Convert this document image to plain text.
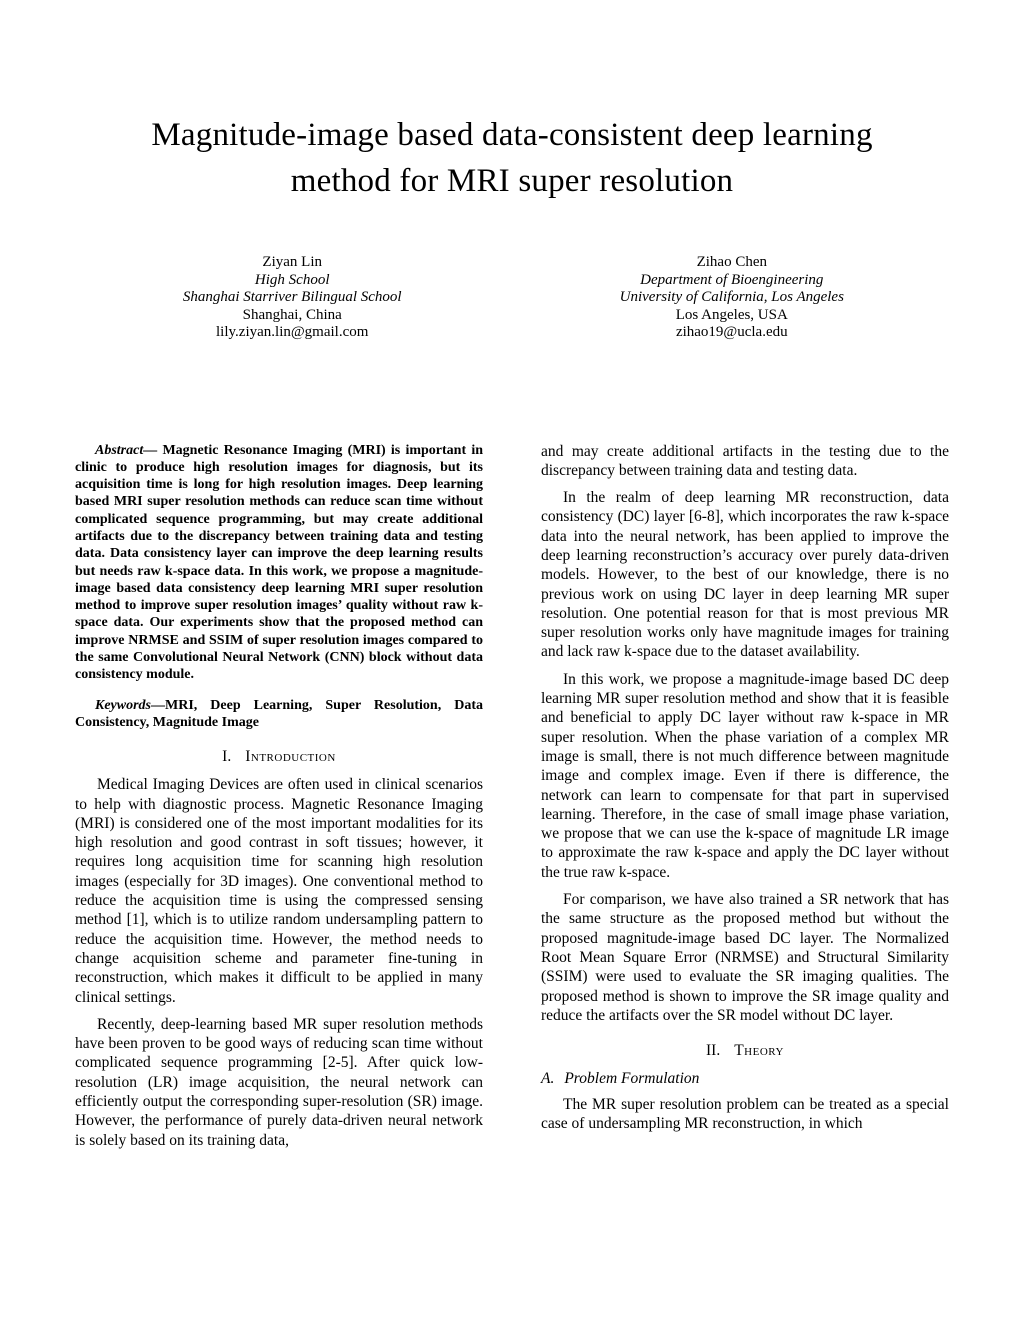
Magnitude-image based data-consistent deep learning method for MRI super resolution
Ziyan Lin
High School
Shanghai Starriver Bilingual School
Shanghai, China
lily.ziyan.lin@gmail.com
Zihao Chen
Department of Bioengineering
University of California, Los Angeles
Los Angeles, USA
zihao19@ucla.edu

Abstract— Magnetic Resonance Imaging (MRI) is important in clinic to produce high resolution images for diagnosis, but its acquisition time is long for high resolution images. Deep learning based MRI super resolution methods can reduce scan time without complicated sequence programming, but may create additional artifacts due to the discrepancy between training data and testing data. Data consistency layer can improve the deep learning results but needs raw k-space data. In this work, we propose a magnitude-image based data consistency deep learning MRI super resolution method to improve super resolution images’ quality without raw k-space data. Our experiments show that the proposed method can improve NRMSE and SSIM of super resolution images compared to the same Convolutional Neural Network (CNN) block without data consistency module.

Keywords—MRI, Deep Learning, Super Resolution, Data Consistency, Magnitude Image

I. Introduction

Medical Imaging Devices are often used in clinical scenarios to help with diagnostic process. Magnetic Resonance Imaging (MRI) is considered one of the most important modalities for its high resolution and good contrast in soft tissues; however, it requires long acquisition time for scanning high resolution images (especially for 3D images). One conventional method to reduce the acquisition time is using the compressed sensing method [1], which is to utilize random undersampling pattern to reduce the acquisition time. However, the method needs to change acquisition scheme and parameter fine-tuning in reconstruction, which makes it difficult to be applied in many clinical settings.

Recently, deep-learning based MR super resolution methods have been proven to be good ways of reducing scan time without complicated sequence programming [2-5]. After quick low-resolution (LR) image acquisition, the neural network can efficiently output the corresponding super-resolution (SR) image. However, the performance of purely data-driven neural network is solely based on its training data,

and may create additional artifacts in the testing due to the discrepancy between training data and testing data.

In the realm of deep learning MR reconstruction, data consistency (DC) layer [6-8], which incorporates the raw k-space data into the neural network, has been applied to improve the deep learning reconstruction’s accuracy over purely data-driven models. However, to the best of our knowledge, there is no previous work on using DC layer in deep learning MR super resolution. One potential reason for that is most previous MR super resolution works only have magnitude images for training and lack raw k-space due to the dataset availability.

In this work, we propose a magnitude-image based DC deep learning MR super resolution method and show that it is feasible and beneficial to apply DC layer without raw k-space in MR super resolution. When the phase variation of a complex MR image is small, there is not much difference between magnitude image and complex image. Even if there is difference, the network can learn to compensate for that part in supervised learning. Therefore, in the case of small image phase variation, we propose that we can use the k-space of magnitude LR image to approximate the raw k-space and apply the DC layer without the true raw k-space.

For comparison, we have also trained a SR network that has the same structure as the proposed method but without the proposed magnitude-image based DC layer. The Normalized Root Mean Square Error (NRMSE) and Structural Similarity (SSIM) were used to evaluate the SR imaging qualities. The proposed method is shown to improve the SR image quality and reduce the artifacts over the SR model without DC layer.

II. Theory
A. Problem Formulation

The MR super resolution problem can be treated as a special case of undersampling MR reconstruction, in which
